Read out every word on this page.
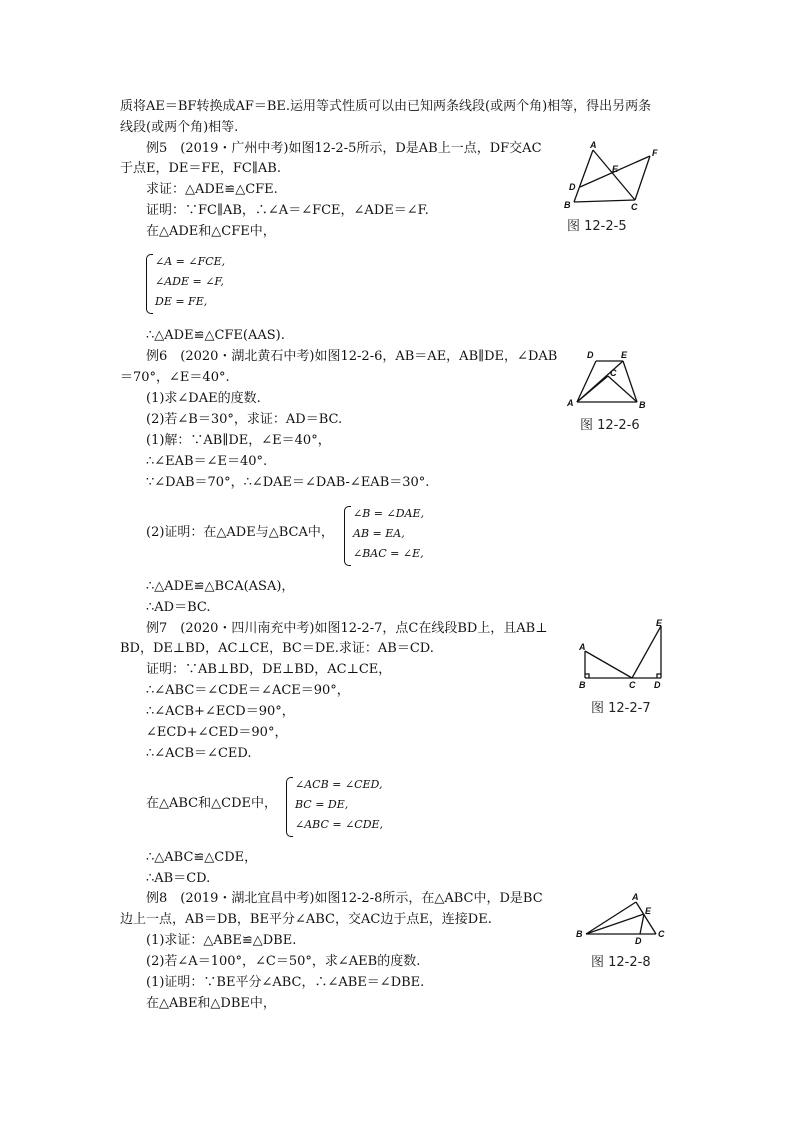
质将AE＝BF转换成AF＝BE.运用等式性质可以由已知两条线段(或两个角)相等，得出另两条
线段(或两个角)相等.
例5　(2019・广州中考)如图12-2-5所示，D是AB上一点，DF交AC
于点E，DE＝FE，FC∥AB.
求证：△ADE≌△CFE.
证明：∵FC∥AB，∴∠A＝∠FCE，∠ADE＝∠F.
在△ADE和△CFE中，
∠A = ∠FCE,
∠ADE = ∠F,
DE = FE,
∴△ADE≌△CFE(AAS).
A
B	C
D
E
F
图 12-2-5
例6　(2020・湖北黄石中考)如图12-2-6，AB＝AE，AB∥DE，∠DAB
＝70°，∠E＝40°.
(1)求∠DAE的度数.
(2)若∠B＝30°，求证：AD＝BC.
(1)解：∵AB∥DE，∠E＝40°，
∴∠EAB＝∠E＝40°.
∵∠DAB＝70°，∴∠DAE＝∠DAB-∠EAB＝30°.
(2)证明：在△ADE与△BCA中，
∠B = ∠DAE,
AB = EA,
∠BAC = ∠E,
∴△ADE≌△BCA(ASA)，
∴AD＝BC.
D	E
A	B
C
图 12-2-6
例7　(2020・四川南充中考)如图12-2-7，点C在线段BD上，且AB⊥
BD，DE⊥BD，AC⊥CE，BC＝DE.求证：AB＝CD.
证明：∵AB⊥BD，DE⊥BD，AC⊥CE，
∴∠ABC＝∠CDE＝∠ACE＝90°，
∴∠ACB+∠ECD＝90°，
∠ECD+∠CED＝90°，
∴∠ACB＝∠CED.
在△ABC和△CDE中，
∠ACB = ∠CED,
BC = DE,
∠ABC = ∠CDE,
∴△ABC≌△CDE，
∴AB＝CD.
A
B	C D
E
图 12-2-7
例8　(2019・湖北宜昌中考)如图12-2-8所示，在△ABC中，D是BC
边上一点，AB＝DB，BE平分∠ABC，交AC边于点E，连接DE.
(1)求证：△ABE≌△DBE.
(2)若∠A＝100°，∠C＝50°，求∠AEB的度数.
(1)证明：∵BE平分∠ABC，∴∠ABE＝∠DBE.
在△ABE和△DBE中，
A
B	C
D
E
图 12-2-8
